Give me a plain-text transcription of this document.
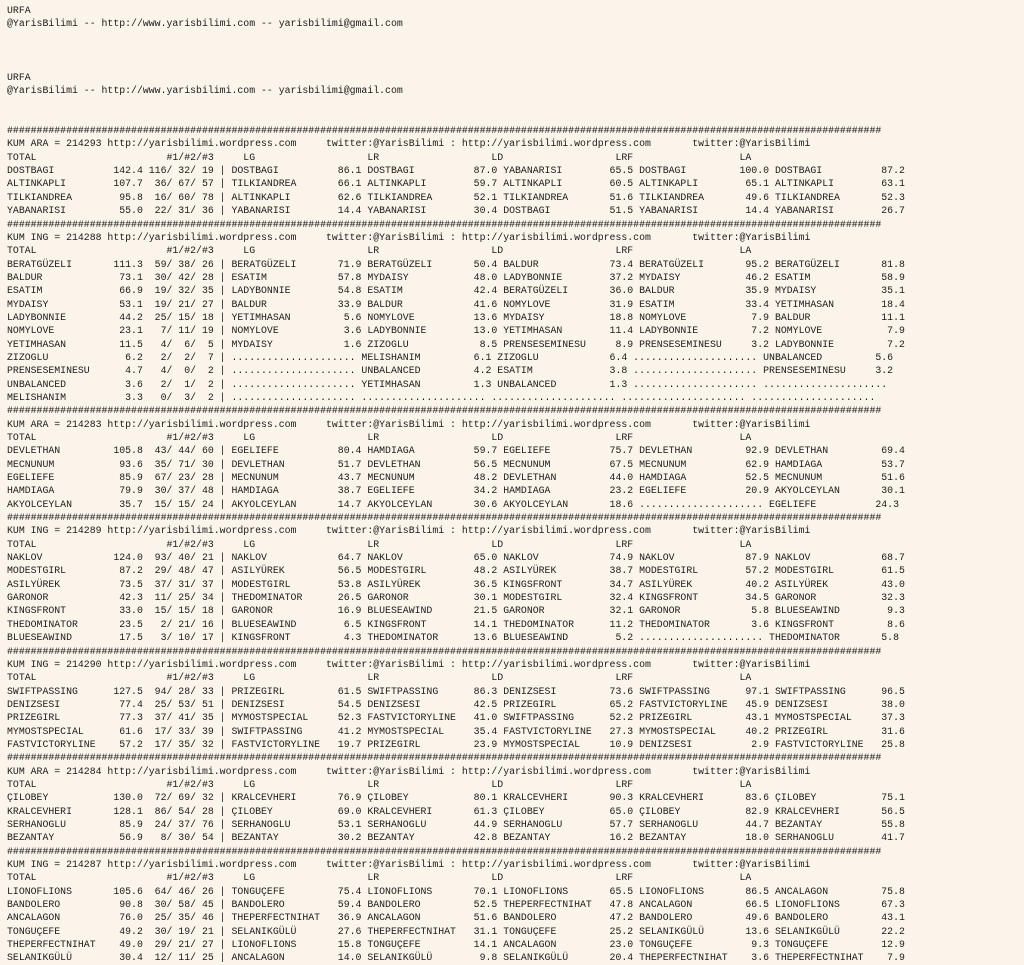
URFA
@YarisBilimi -- http://www.yarisbilimi.com -- yarisbilimi@gmail.com
URFA
@YarisBilimi -- http://www.yarisbilimi.com -- yarisbilimi@gmail.com
####################################################################################################################################################
KUM ARA = 214293 http://yarisbilimi.wordpress.com     twitter:@YarisBilimi : http://yarisbilimi.wordpress.com       twitter:@YarisBilimi
TOTAL                      #1/#2/#3     LG                   LR                   LD                   LRF                  LA
DOSTBAGI          142.4 116/ 32/ 19 | DOSTBAGI          86.1 DOSTBAGI          87.0 YABANARISI        65.5 DOSTBAGI         100.0 DOSTBAGI          87.2
ALTINKAPLI        107.7  36/ 67/ 57 | TILKIANDREA       66.1 ALTINKAPLI        59.7 ALTINKAPLI        60.5 ALTINKAPLI        65.1 ALTINKAPLI        63.1
TILKIANDREA        95.8  16/ 60/ 78 | ALTINKAPLI        62.6 TILKIANDREA       52.1 TILKIANDREA       51.6 TILKIANDREA       49.6 TILKIANDREA       52.3
YABANARISI         55.0  22/ 31/ 36 | YABANARISI        14.4 YABANARISI        30.4 DOSTBAGI          51.5 YABANARISI        14.4 YABANARISI        26.7
####################################################################################################################################################
KUM ING = 214288 http://yarisbilimi.wordpress.com     twitter:@YarisBilimi : http://yarisbilimi.wordpress.com       twitter:@YarisBilimi
TOTAL                      #1/#2/#3     LG                   LR                   LD                   LRF                  LA
BERATGÜZELI       111.3  59/ 38/ 26 | BERATGÜZELI       71.9 BERATGÜZELI       50.4 BALDUR            73.4 BERATGÜZELI       95.2 BERATGÜZELI       81.8
BALDUR             73.1  30/ 42/ 28 | ESATIM            57.8 MYDAISY           48.0 LADYBONNIE        37.2 MYDAISY           46.2 ESATIM            58.9
ESATIM             66.9  19/ 32/ 35 | LADYBONNIE        54.8 ESATIM            42.4 BERATGÜZELI       36.0 BALDUR            35.9 MYDAISY           35.1
MYDAISY            53.1  19/ 21/ 27 | BALDUR            33.9 BALDUR            41.6 NOMYLOVE          31.9 ESATIM            33.4 YETIMHASAN        18.4
LADYBONNIE         44.2  25/ 15/ 18 | YETIMHASAN         5.6 NOMYLOVE          13.6 MYDAISY           18.8 NOMYLOVE           7.9 BALDUR            11.1
NOMYLOVE           23.1   7/ 11/ 19 | NOMYLOVE           3.6 LADYBONNIE        13.0 YETIMHASAN        11.4 LADYBONNIE         7.2 NOMYLOVE           7.9
YETIMHASAN         11.5   4/  6/  5 | MYDAISY            1.6 ZIZOGLU            8.5 PRENSESEMINESU     8.9 PRENSESEMINESU     3.2 LADYBONNIE         7.2
ZIZOGLU             6.2   2/  2/  7 | ..................... MELISHANIM         6.1 ZIZOGLU            6.4 ..................... UNBALANCED         5.6
PRENSESEMINESU      4.7   4/  0/  2 | ..................... UNBALANCED         4.2 ESATIM             3.8 ..................... PRENSESEMINESU     3.2
UNBALANCED          3.6   2/  1/  2 | ..................... YETIMHASAN         1.3 UNBALANCED         1.3 ..................... .....................
MELISHANIM          3.3   0/  3/  2 | ..................... ..................... ..................... ..................... .....................
####################################################################################################################################################
KUM ARA = 214283 http://yarisbilimi.wordpress.com     twitter:@YarisBilimi : http://yarisbilimi.wordpress.com       twitter:@YarisBilimi
TOTAL                      #1/#2/#3     LG                   LR                   LD                   LRF                  LA
DEVLETHAN         105.8  43/ 44/ 60 | EGELIEFE          80.4 HAMDIAGA          59.7 EGELIEFE          75.7 DEVLETHAN         92.9 DEVLETHAN         69.4
MECNUNUM           93.6  35/ 71/ 30 | DEVLETHAN         51.7 DEVLETHAN         56.5 MECNUNUM          67.5 MECNUNUM          62.9 HAMDIAGA          53.7
EGELIEFE           85.9  67/ 23/ 28 | MECNUNUM          43.7 MECNUNUM          48.2 DEVLETHAN         44.0 HAMDIAGA          52.5 MECNUNUM          51.6
HAMDIAGA           79.9  30/ 37/ 48 | HAMDIAGA          38.7 EGELIEFE          34.2 HAMDIAGA          23.2 EGELIEFE          20.9 AKYOLCEYLAN       30.1
AKYOLCEYLAN        35.7  15/ 15/ 24 | AKYOLCEYLAN       14.7 AKYOLCEYLAN       30.6 AKYOLCEYLAN       18.6 ..................... EGELIEFE          24.3
####################################################################################################################################################
KUM ING = 214289 http://yarisbilimi.wordpress.com     twitter:@YarisBilimi : http://yarisbilimi.wordpress.com       twitter:@YarisBilimi
TOTAL                      #1/#2/#3     LG                   LR                   LD                   LRF                  LA
NAKLOV            124.0  93/ 40/ 21 | NAKLOV            64.7 NAKLOV            65.0 NAKLOV            74.9 NAKLOV            87.9 NAKLOV            68.7
MODESTGIRL         87.2  29/ 48/ 47 | ASILYÜREK         56.5 MODESTGIRL        48.2 ASILYÜREK         38.7 MODESTGIRL        57.2 MODESTGIRL        61.5
ASILYÜREK          73.5  37/ 31/ 37 | MODESTGIRL        53.8 ASILYÜREK         36.5 KINGSFRONT        34.7 ASILYÜREK         40.2 ASILYÜREK         43.0
GARONOR            42.3  11/ 25/ 34 | THEDOMINATOR      26.5 GARONOR           30.1 MODESTGIRL        32.4 KINGSFRONT        34.5 GARONOR           32.3
KINGSFRONT         33.0  15/ 15/ 18 | GARONOR           16.9 BLUESEAWIND       21.5 GARONOR           32.1 GARONOR            5.8 BLUESEAWIND        9.3
THEDOMINATOR       23.5   2/ 21/ 16 | BLUESEAWIND        6.5 KINGSFRONT        14.1 THEDOMINATOR      11.2 THEDOMINATOR       3.6 KINGSFRONT         8.6
BLUESEAWIND        17.5   3/ 10/ 17 | KINGSFRONT         4.3 THEDOMINATOR      13.6 BLUESEAWIND        5.2 ..................... THEDOMINATOR       5.8
####################################################################################################################################################
KUM ING = 214290 http://yarisbilimi.wordpress.com     twitter:@YarisBilimi : http://yarisbilimi.wordpress.com       twitter:@YarisBilimi
TOTAL                      #1/#2/#3     LG                   LR                   LD                   LRF                  LA
SWIFTPASSING      127.5  94/ 28/ 33 | PRIZEGIRL         61.5 SWIFTPASSING      86.3 DENIZSESI         73.6 SWIFTPASSING      97.1 SWIFTPASSING      96.5
DENIZSESI          77.4  25/ 53/ 51 | DENIZSESI         54.5 DENIZSESI         42.5 PRIZEGIRL         65.2 FASTVICTORYLINE   45.9 DENIZSESI         38.0
PRIZEGIRL          77.3  37/ 41/ 35 | MYMOSTSPECIAL     52.3 FASTVICTORYLINE   41.0 SWIFTPASSING      52.2 PRIZEGIRL         43.1 MYMOSTSPECIAL     37.3
MYMOSTSPECIAL      61.6  17/ 33/ 39 | SWIFTPASSING      41.2 MYMOSTSPECIAL     35.4 FASTVICTORYLINE   27.3 MYMOSTSPECIAL     40.2 PRIZEGIRL         31.6
FASTVICTORYLINE    57.2  17/ 35/ 32 | FASTVICTORYLINE   19.7 PRIZEGIRL         23.9 MYMOSTSPECIAL     10.9 DENIZSESI          2.9 FASTVICTORYLINE   25.8
####################################################################################################################################################
KUM ARA = 214284 http://yarisbilimi.wordpress.com     twitter:@YarisBilimi : http://yarisbilimi.wordpress.com       twitter:@YarisBilimi
TOTAL                      #1/#2/#3     LG                   LR                   LD                   LRF                  LA
ÇILOBEY           130.0  72/ 69/ 32 | KRALCEVHERI       76.9 ÇILOBEY           80.1 KRALCEVHERI       90.3 KRALCEVHERI       83.6 ÇILOBEY           75.1
KRALCEVHERI       128.1  86/ 54/ 28 | ÇILOBEY           69.0 KRALCEVHERI       61.3 ÇILOBEY           65.0 ÇILOBEY           82.9 KRALCEVHERI       56.5
SERHANOGLU         85.9  24/ 37/ 76 | SERHANOGLU        53.1 SERHANOGLU        44.9 SERHANOGLU        57.7 SERHANOGLU        44.7 BEZANTAY          55.8
BEZANTAY           56.9   8/ 30/ 54 | BEZANTAY          30.2 BEZANTAY          42.8 BEZANTAY          16.2 BEZANTAY          18.0 SERHANOGLU        41.7
####################################################################################################################################################
KUM ING = 214287 http://yarisbilimi.wordpress.com     twitter:@YarisBilimi : http://yarisbilimi.wordpress.com       twitter:@YarisBilimi
TOTAL                      #1/#2/#3     LG                   LR                   LD                   LRF                  LA
LIONOFLIONS       105.6  64/ 46/ 26 | TONGUÇEFE         75.4 LIONOFLIONS       70.1 LIONOFLIONS       65.5 LIONOFLIONS       86.5 ANCALAGON         75.8
BANDOLERO          90.8  30/ 58/ 45 | BANDOLERO         59.4 BANDOLERO         52.5 THEPERFECTNIHAT   47.8 ANCALAGON         66.5 LIONOFLIONS       67.3
ANCALAGON          76.0  25/ 35/ 46 | THEPERFECTNIHAT   36.9 ANCALAGON         51.6 BANDOLERO         47.2 BANDOLERO         49.6 BANDOLERO         43.1
TONGUÇEFE          49.2  30/ 19/ 21 | SELANIKGÜLÜ       27.6 THEPERFECTNIHAT   31.1 TONGUÇEFE         25.2 SELANIKGÜLÜ       13.6 SELANIKGÜLÜ       22.2
THEPERFECTNIHAT    49.0  29/ 21/ 27 | LIONOFLIONS       15.8 TONGUÇEFE         14.1 ANCALAGON         23.0 TONGUÇEFE          9.3 TONGUÇEFE         12.9
SELANIKGÜLÜ        30.4  12/ 11/ 25 | ANCALAGON         14.0 SELANIKGÜLÜ        9.8 SELANIKGÜLÜ       20.4 THEPERFECTNIHAT    3.6 THEPERFECTNIHAT    7.9
